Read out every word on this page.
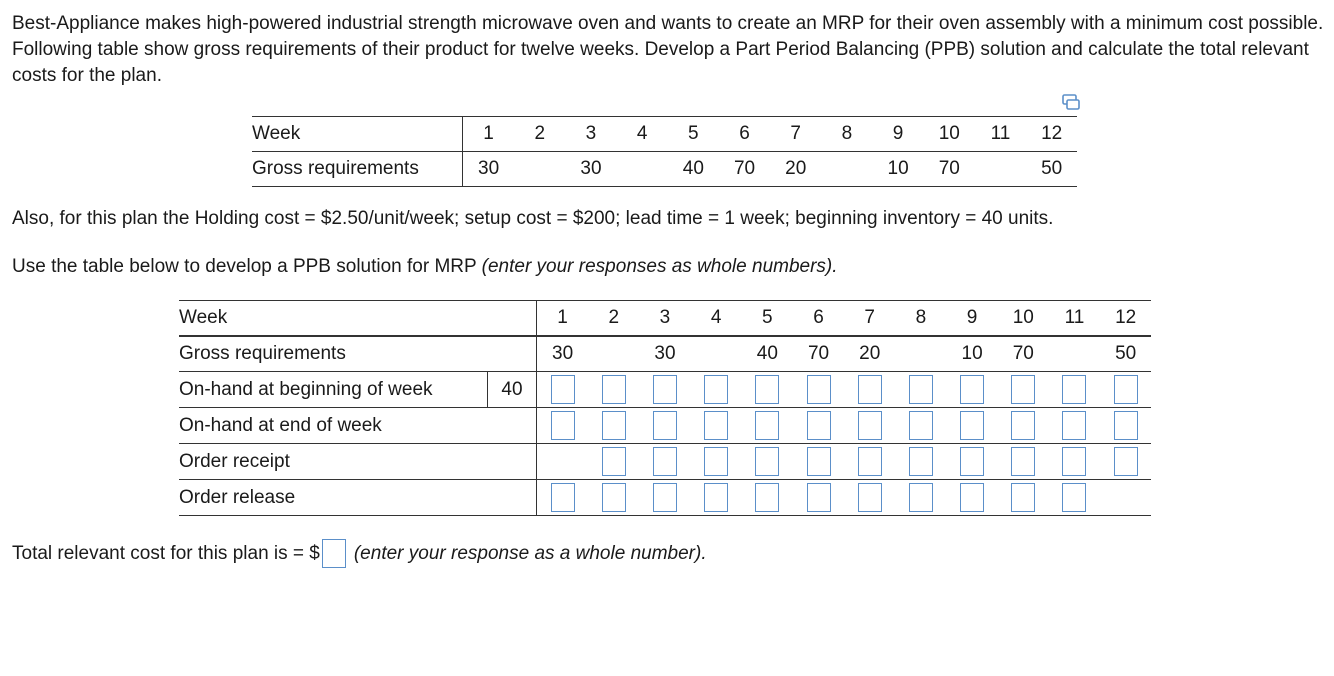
Best-Appliance makes high-powered industrial strength microwave oven and wants to create an MRP for their oven assembly with a minimum cost possible. Following table show gross requirements of their product for twelve weeks. Develop a Part Period Balancing (PPB) solution and calculate the total relevant costs for the plan.

Week	1	2	3	4	5	6	7	8	9	10	11	12
Gross requirements	30		30		40	70	20		10	70		50

Also, for this plan the Holding cost = $2.50/unit/week; setup cost = $200; lead time = 1 week; beginning inventory = 40 units.

Use the table below to develop a PPB solution for MRP (enter your responses as whole numbers).

Week		1	2	3	4	5	6	7	8	9	10	11	12
Gross requirements		30		30		40	70	20		10	70		50
On-hand at beginning of week	40												
On-hand at end of week													
Order receipt													
Order release													

Total relevant cost for this plan is = $ (enter your response as a whole number).
